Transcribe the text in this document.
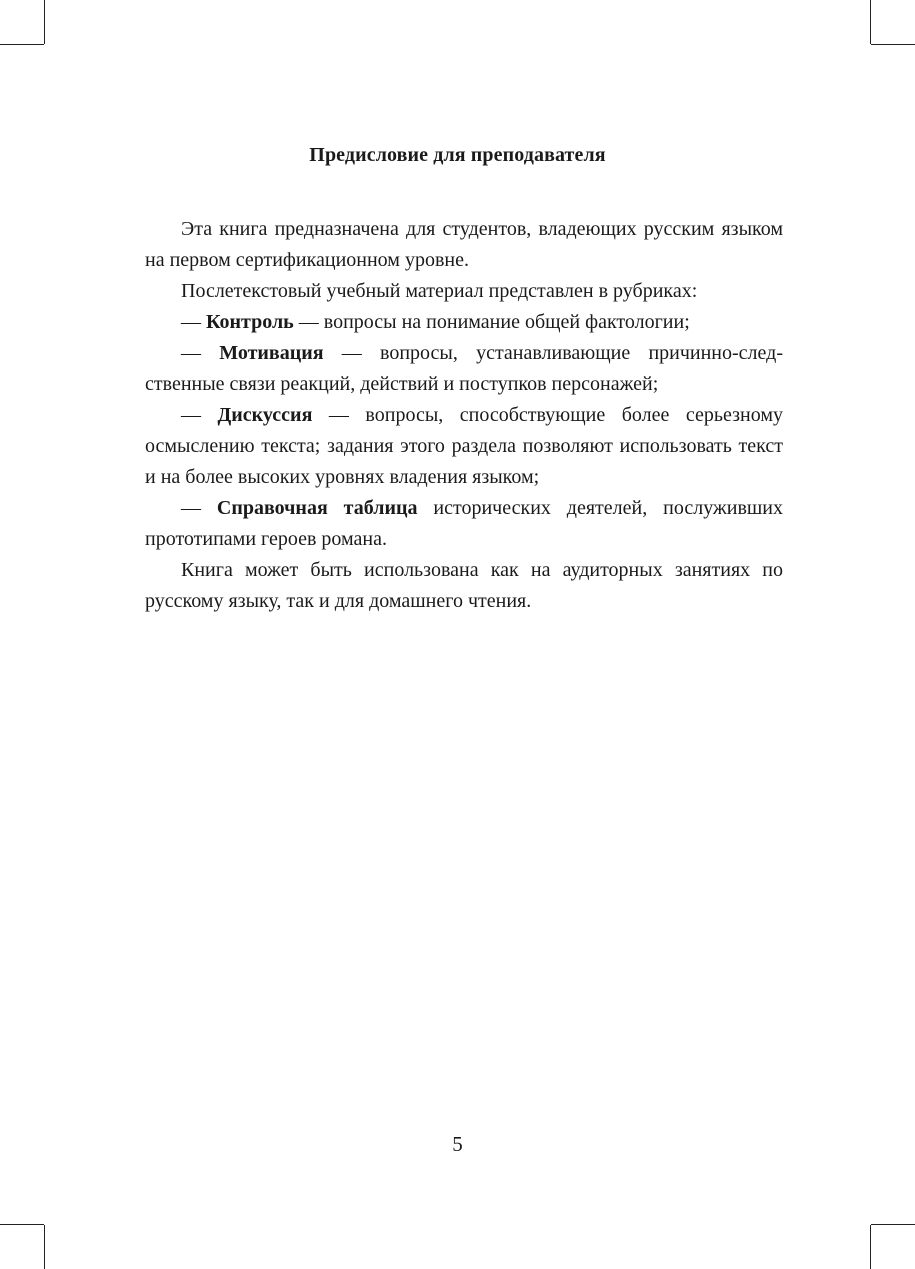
Предисловие для преподавателя

Эта книга предназначена для студентов, владеющих русским языком на первом сертификационном уровне.

Послетекстовый учебный материал представлен в рубриках:

— Контроль — вопросы на понимание общей фактологии;

— Мотивация — вопросы, устанавливающие причинно-следственные связи реакций, действий и поступков персонажей;

— Дискуссия — вопросы, способствующие более серьезному осмыслению текста; задания этого раздела позволяют использовать текст и на более высоких уровнях владения языком;

— Справочная таблица исторических деятелей, послуживших прототипами героев романа.

Книга может быть использована как на аудиторных занятиях по русскому языку, так и для домашнего чтения.

5
